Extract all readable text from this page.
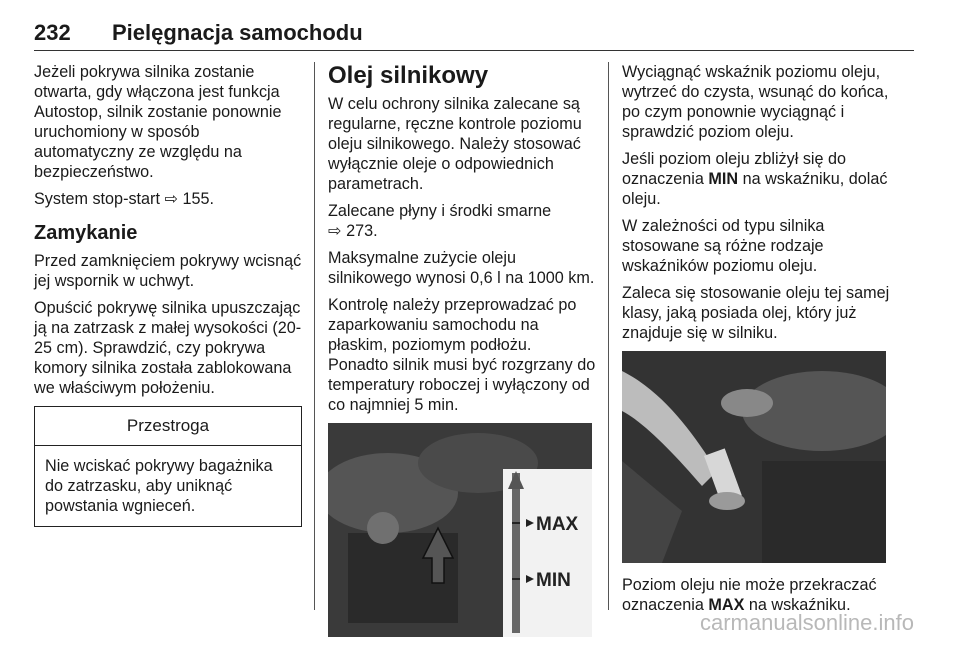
232 Pielęgnacja samochodu

Jeżeli pokrywa silnika zostanie otwarta, gdy włączona jest funkcja Autostop, silnik zostanie ponownie uruchomiony w sposób automatyczny ze względu na bezpieczeństwo.

System stop-start ⇨ 155.

Zamykanie

Przed zamknięciem pokrywy wcisnąć jej wspornik w uchwyt.

Opuścić pokrywę silnika upuszczając ją na zatrzask z małej wysokości (20-25 cm). Sprawdzić, czy pokrywa komory silnika została zablokowana we właściwym położeniu.

Przestroga
Nie wciskać pokrywy bagażnika do zatrzasku, aby uniknąć powstania wgnieceń.
Olej silnikowy

W celu ochrony silnika zalecane są regularne, ręczne kontrole poziomu oleju silnikowego. Należy stosować wyłącznie oleje o odpowiednich parametrach.

Zalecane płyny i środki smarne
⇨ 273.

Maksymalne zużycie oleju silnikowego wynosi 0,6 l na 1000 km.

Kontrolę należy przeprowadzać po zaparkowaniu samochodu na płaskim, poziomym podłożu. Ponadto silnik musi być rozgrzany do temperatury roboczej i wyłączony od co najmniej 5 min.

MAX
MIN

Wyciągnąć wskaźnik poziomu oleju, wytrzeć do czysta, wsunąć do końca, po czym ponownie wyciągnąć i sprawdzić poziom oleju.

Jeśli poziom oleju zbliżył się do oznaczenia MIN na wskaźniku, dolać oleju.

W zależności od typu silnika stosowane są różne rodzaje wskaźników poziomu oleju.

Zaleca się stosowanie oleju tej samej klasy, jaką posiada olej, który już znajduje się w silniku.

Poziom oleju nie może przekraczać oznaczenia MAX na wskaźniku.

carmanualsonline.info
